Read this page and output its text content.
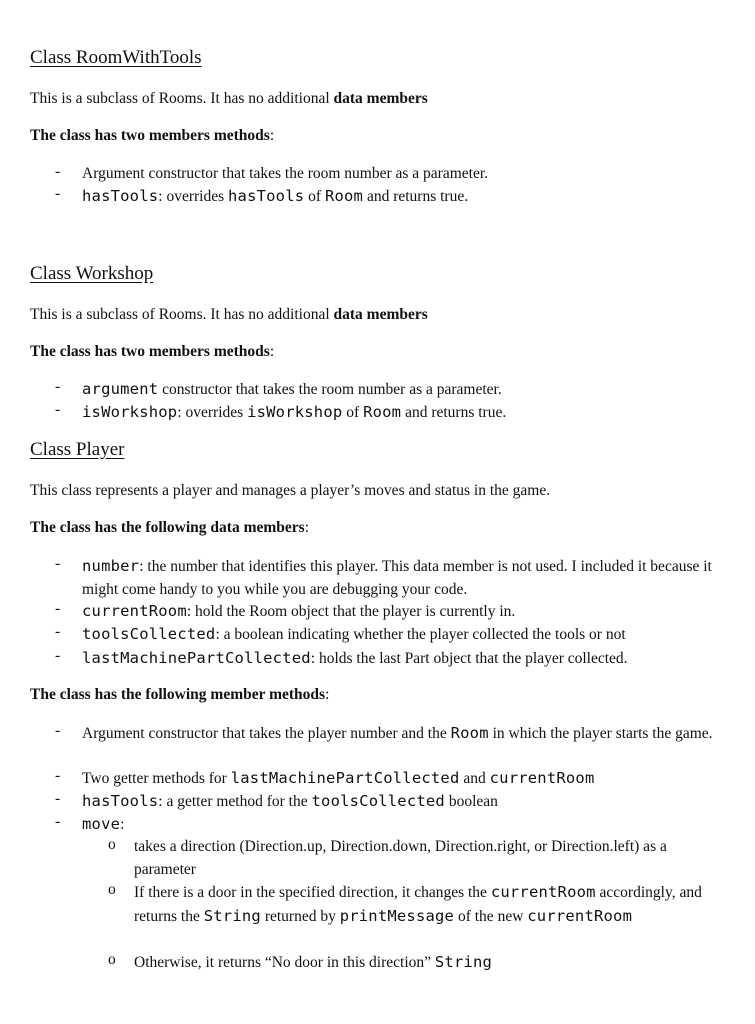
Class RoomWithTools
This is a subclass of Rooms. It has no additional data members
The class has two members methods:
- Argument constructor that takes the room number as a parameter.
- hasTools: overrides hasTools of Room and returns true.
Class Workshop
This is a subclass of Rooms. It has no additional data members
The class has two members methods:
- argument constructor that takes the room number as a parameter.
- isWorkshop: overrides isWorkshop of Room and returns true.
Class Player
This class represents a player and manages a player’s moves and status in the game.
The class has the following data members:
- number: the number that identifies this player. This data member is not used. I included it because it might come handy to you while you are debugging your code.
- currentRoom: hold the Room object that the player is currently in.
- toolsCollected: a boolean indicating whether the player collected the tools or not
- lastMachinePartCollected: holds the last Part object that the player collected.
The class has the following member methods:
- Argument constructor that takes the player number and the Room in which the player starts the game.
- Two getter methods for lastMachinePartCollected and currentRoom
- hasTools: a getter method for the toolsCollected boolean
- move:
o takes a direction (Direction.up, Direction.down, Direction.right, or Direction.left) as a parameter
o If there is a door in the specified direction, it changes the currentRoom accordingly, and returns the String returned by printMessage of the new currentRoom
o Otherwise, it returns “No door in this direction” String
